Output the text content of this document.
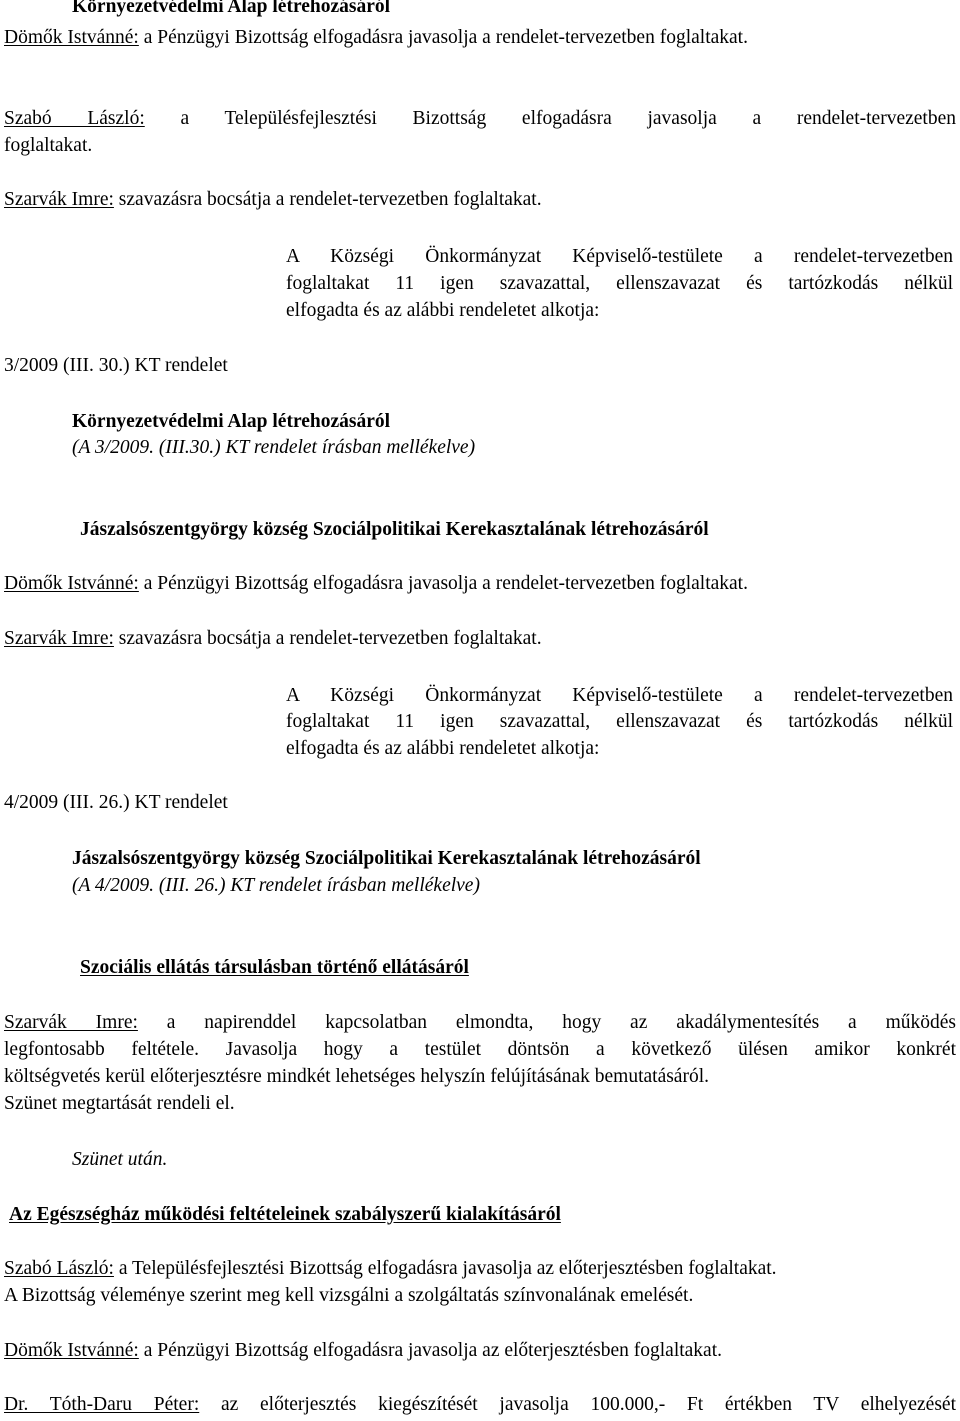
Környezetvédelmi Alap létrehozásáról
Dömők Istvánné: a Pénzügyi Bizottság elfogadásra javasolja a rendelet-tervezetben foglaltakat.
Szabó László: a Településfejlesztési Bizottság elfogadásra javasolja a rendelet-tervezetben
foglaltakat.
Szarvák Imre: szavazásra bocsátja a rendelet-tervezetben foglaltakat.
A Községi Önkormányzat Képviselő-testülete a rendelet-tervezetben
foglaltakat 11 igen szavazattal, ellenszavazat és tartózkodás nélkül
elfogadta és az alábbi rendeletet alkotja:
3/2009 (III. 30.) KT rendelet
Környezetvédelmi Alap létrehozásáról
(A 3/2009. (III.30.) KT rendelet írásban mellékelve)
Jászalsószentgyörgy község Szociálpolitikai Kerekasztalának létrehozásáról
Dömők Istvánné: a Pénzügyi Bizottság elfogadásra javasolja a rendelet-tervezetben foglaltakat.
Szarvák Imre: szavazásra bocsátja a rendelet-tervezetben foglaltakat.
A Községi Önkormányzat Képviselő-testülete a rendelet-tervezetben
foglaltakat 11 igen szavazattal, ellenszavazat és tartózkodás nélkül
elfogadta és az alábbi rendeletet alkotja:
4/2009 (III. 26.) KT rendelet
Jászalsószentgyörgy község Szociálpolitikai Kerekasztalának létrehozásáról
(A 4/2009. (III. 26.) KT rendelet írásban mellékelve)
Szociális ellátás társulásban történő ellátásáról
Szarvák Imre: a napirenddel kapcsolatban elmondta, hogy az akadálymentesítés a működés
legfontosabb feltétele. Javasolja hogy a testület döntsön a következő ülésen amikor konkrét
költségvetés kerül előterjesztésre mindkét lehetséges helyszín felújításának bemutatásáról.
Szünet megtartását rendeli el.
Szünet után.
Az Egészségház működési feltételeinek szabályszerű kialakításáról
Szabó László: a Településfejlesztési Bizottság elfogadásra javasolja az előterjesztésben foglaltakat.
A Bizottság véleménye szerint meg kell vizsgálni a szolgáltatás színvonalának emelését.
Dömők Istvánné: a Pénzügyi Bizottság elfogadásra javasolja az előterjesztésben foglaltakat.
Dr. Tóth-Daru Péter: az előterjesztés kiegészítését javasolja 100.000,- Ft értékben TV elhelyezését
